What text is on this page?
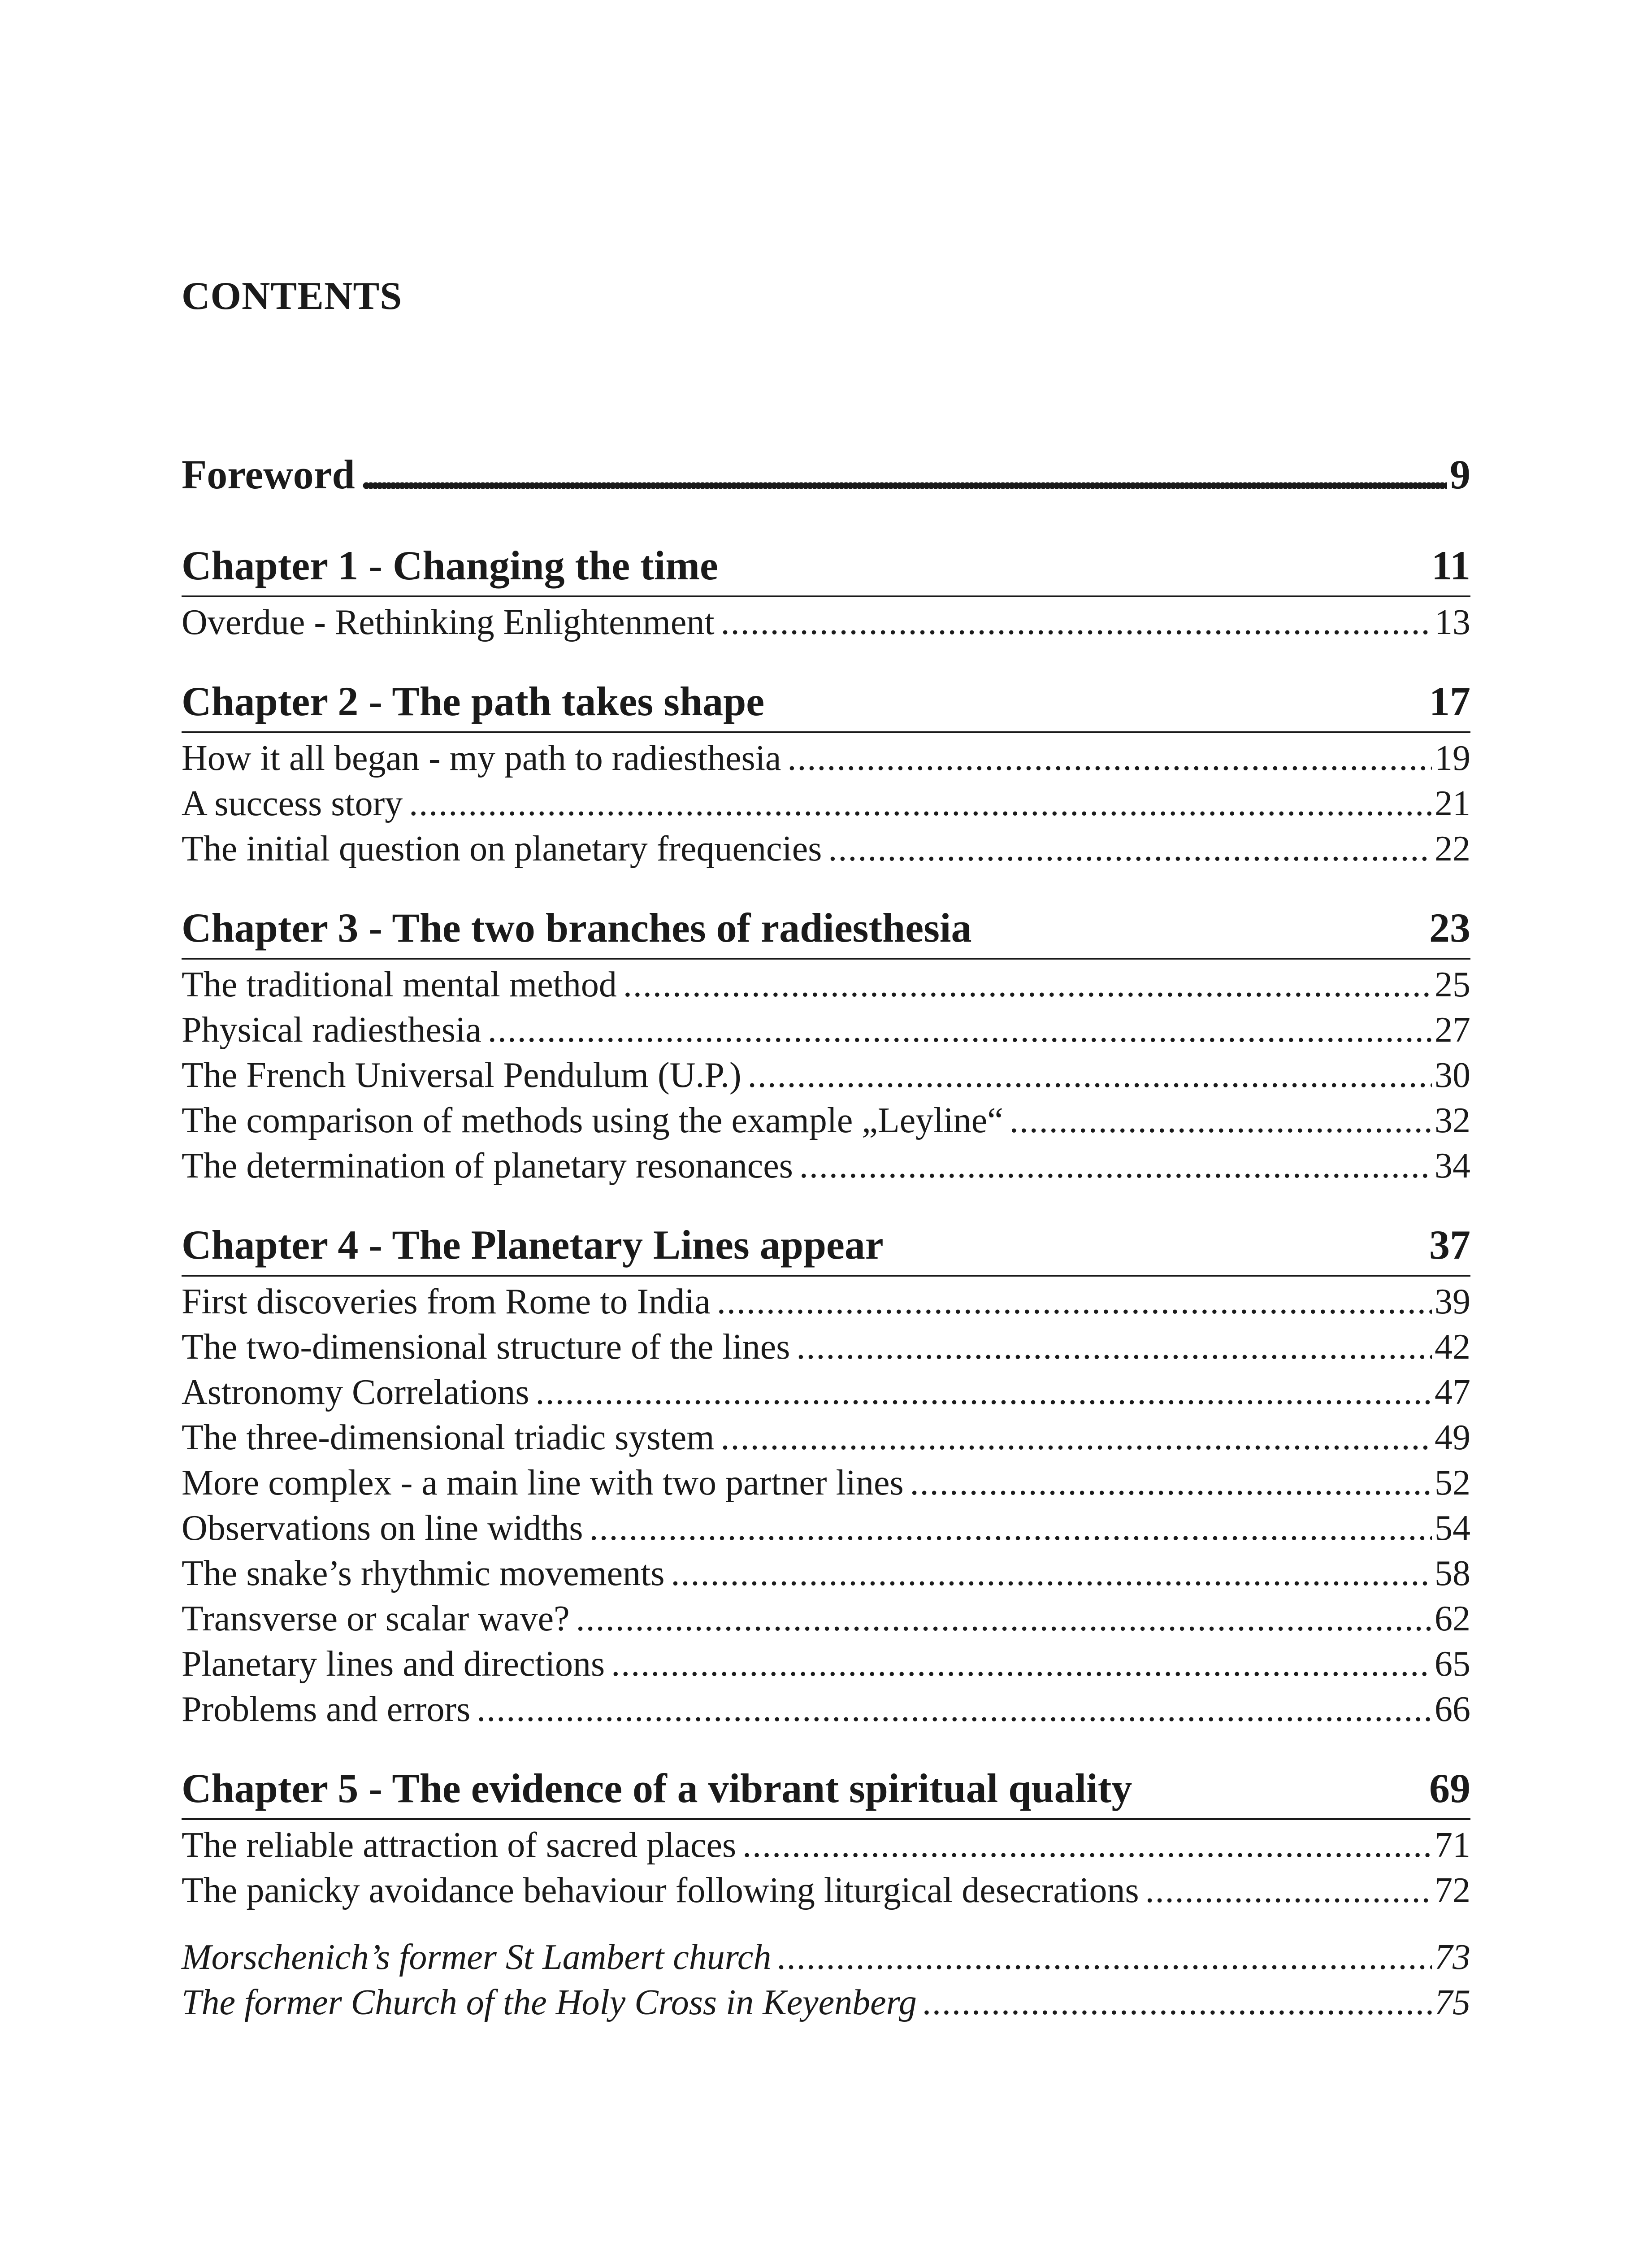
CONTENTS
Foreword . . .	9
Chapter 1 - Changing the time	11
Overdue - Rethinking Enlightenment . . .	13
Chapter 2 - The path takes shape	17
How it all began - my path to radiesthesia . . .	19
A success story . . .	21
The initial question on planetary frequencies . . .	22
Chapter 3 - The two branches of radiesthesia	23
The traditional mental method . . .	25
Physical radiesthesia . . .	27
The French Universal Pendulum (U.P.) . . .	30
The comparison of methods using the example „Leyline“ . . .	32
The determination of planetary resonances . . .	34
Chapter 4 - The Planetary Lines appear	37
First discoveries from Rome to India . . .	39
The two-dimensional structure of the lines . . .	42
Astronomy Correlations . . .	47
The three-dimensional triadic system . . .	49
More complex - a main line with two partner lines . . .	52
Observations on line widths . . .	54
The snake’s rhythmic movements . . .	58
Transverse or scalar wave? . . .	62
Planetary lines and directions . . .	65
Problems and errors . . .	66
Chapter 5 - The evidence of a vibrant spiritual quality	69
The reliable attraction of sacred places . . .	71
The panicky avoidance behaviour following liturgical desecrations . . .	72
Morschenich’s former St Lambert church . . .	73
The former Church of the Holy Cross in Keyenberg . . .	75
